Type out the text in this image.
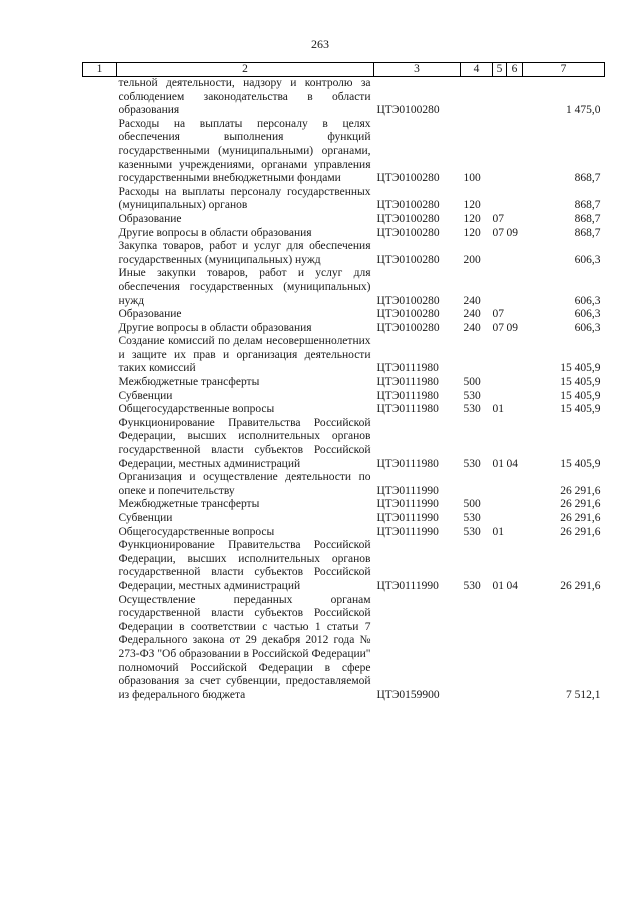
263
1	2	3	4	5	6	7
	тельной деятельности, надзору и контролю за соблюдением законодательства в области образования	ЦТЭ0100280				1 475,0
	Расходы на выплаты персоналу в целях обеспечения выполнения функций государственными (муниципальными) органами, казенными учреждениями, органами управления государственными внебюджетными фондами	ЦТЭ0100280	100			868,7
	Расходы на выплаты персоналу государственных (муниципальных) органов	ЦТЭ0100280	120			868,7
	Образование	ЦТЭ0100280	120	07		868,7
	Другие вопросы в области образования	ЦТЭ0100280	120	07	09	868,7
	Закупка товаров, работ и услуг для обеспечения государственных (муниципальных) нужд	ЦТЭ0100280	200			606,3
	Иные закупки товаров, работ и услуг для обеспечения государственных (муниципальных) нужд	ЦТЭ0100280	240			606,3
	Образование	ЦТЭ0100280	240	07		606,3
	Другие вопросы в области образования	ЦТЭ0100280	240	07	09	606,3
	Создание комиссий по делам несовершеннолетних и защите их прав и организация деятельности таких комиссий	ЦТЭ0111980				15 405,9
	Межбюджетные трансферты	ЦТЭ0111980	500			15 405,9
	Субвенции	ЦТЭ0111980	530			15 405,9
	Общегосударственные вопросы	ЦТЭ0111980	530	01		15 405,9
	Функционирование Правительства Российской Федерации, высших исполнительных органов государственной власти субъектов Российской Федерации, местных администраций	ЦТЭ0111980	530	01	04	15 405,9
	Организация и осуществление деятельности по опеке и попечительству	ЦТЭ0111990				26 291,6
	Межбюджетные трансферты	ЦТЭ0111990	500			26 291,6
	Субвенции	ЦТЭ0111990	530			26 291,6
	Общегосударственные вопросы	ЦТЭ0111990	530	01		26 291,6
	Функционирование Правительства Российской Федерации, высших исполнительных органов государственной власти субъектов Российской Федерации, местных администраций	ЦТЭ0111990	530	01	04	26 291,6
	Осуществление переданных органам государственной власти субъектов Российской Федерации в соответствии с частью 1 статьи 7 Федерального закона от 29 декабря 2012 года № 273-ФЗ "Об образовании в Российской Федерации" полномочий Российской Федерации в сфере образования за счет субвенции, предоставляемой из федерального бюджета	ЦТЭ0159900				7 512,1
